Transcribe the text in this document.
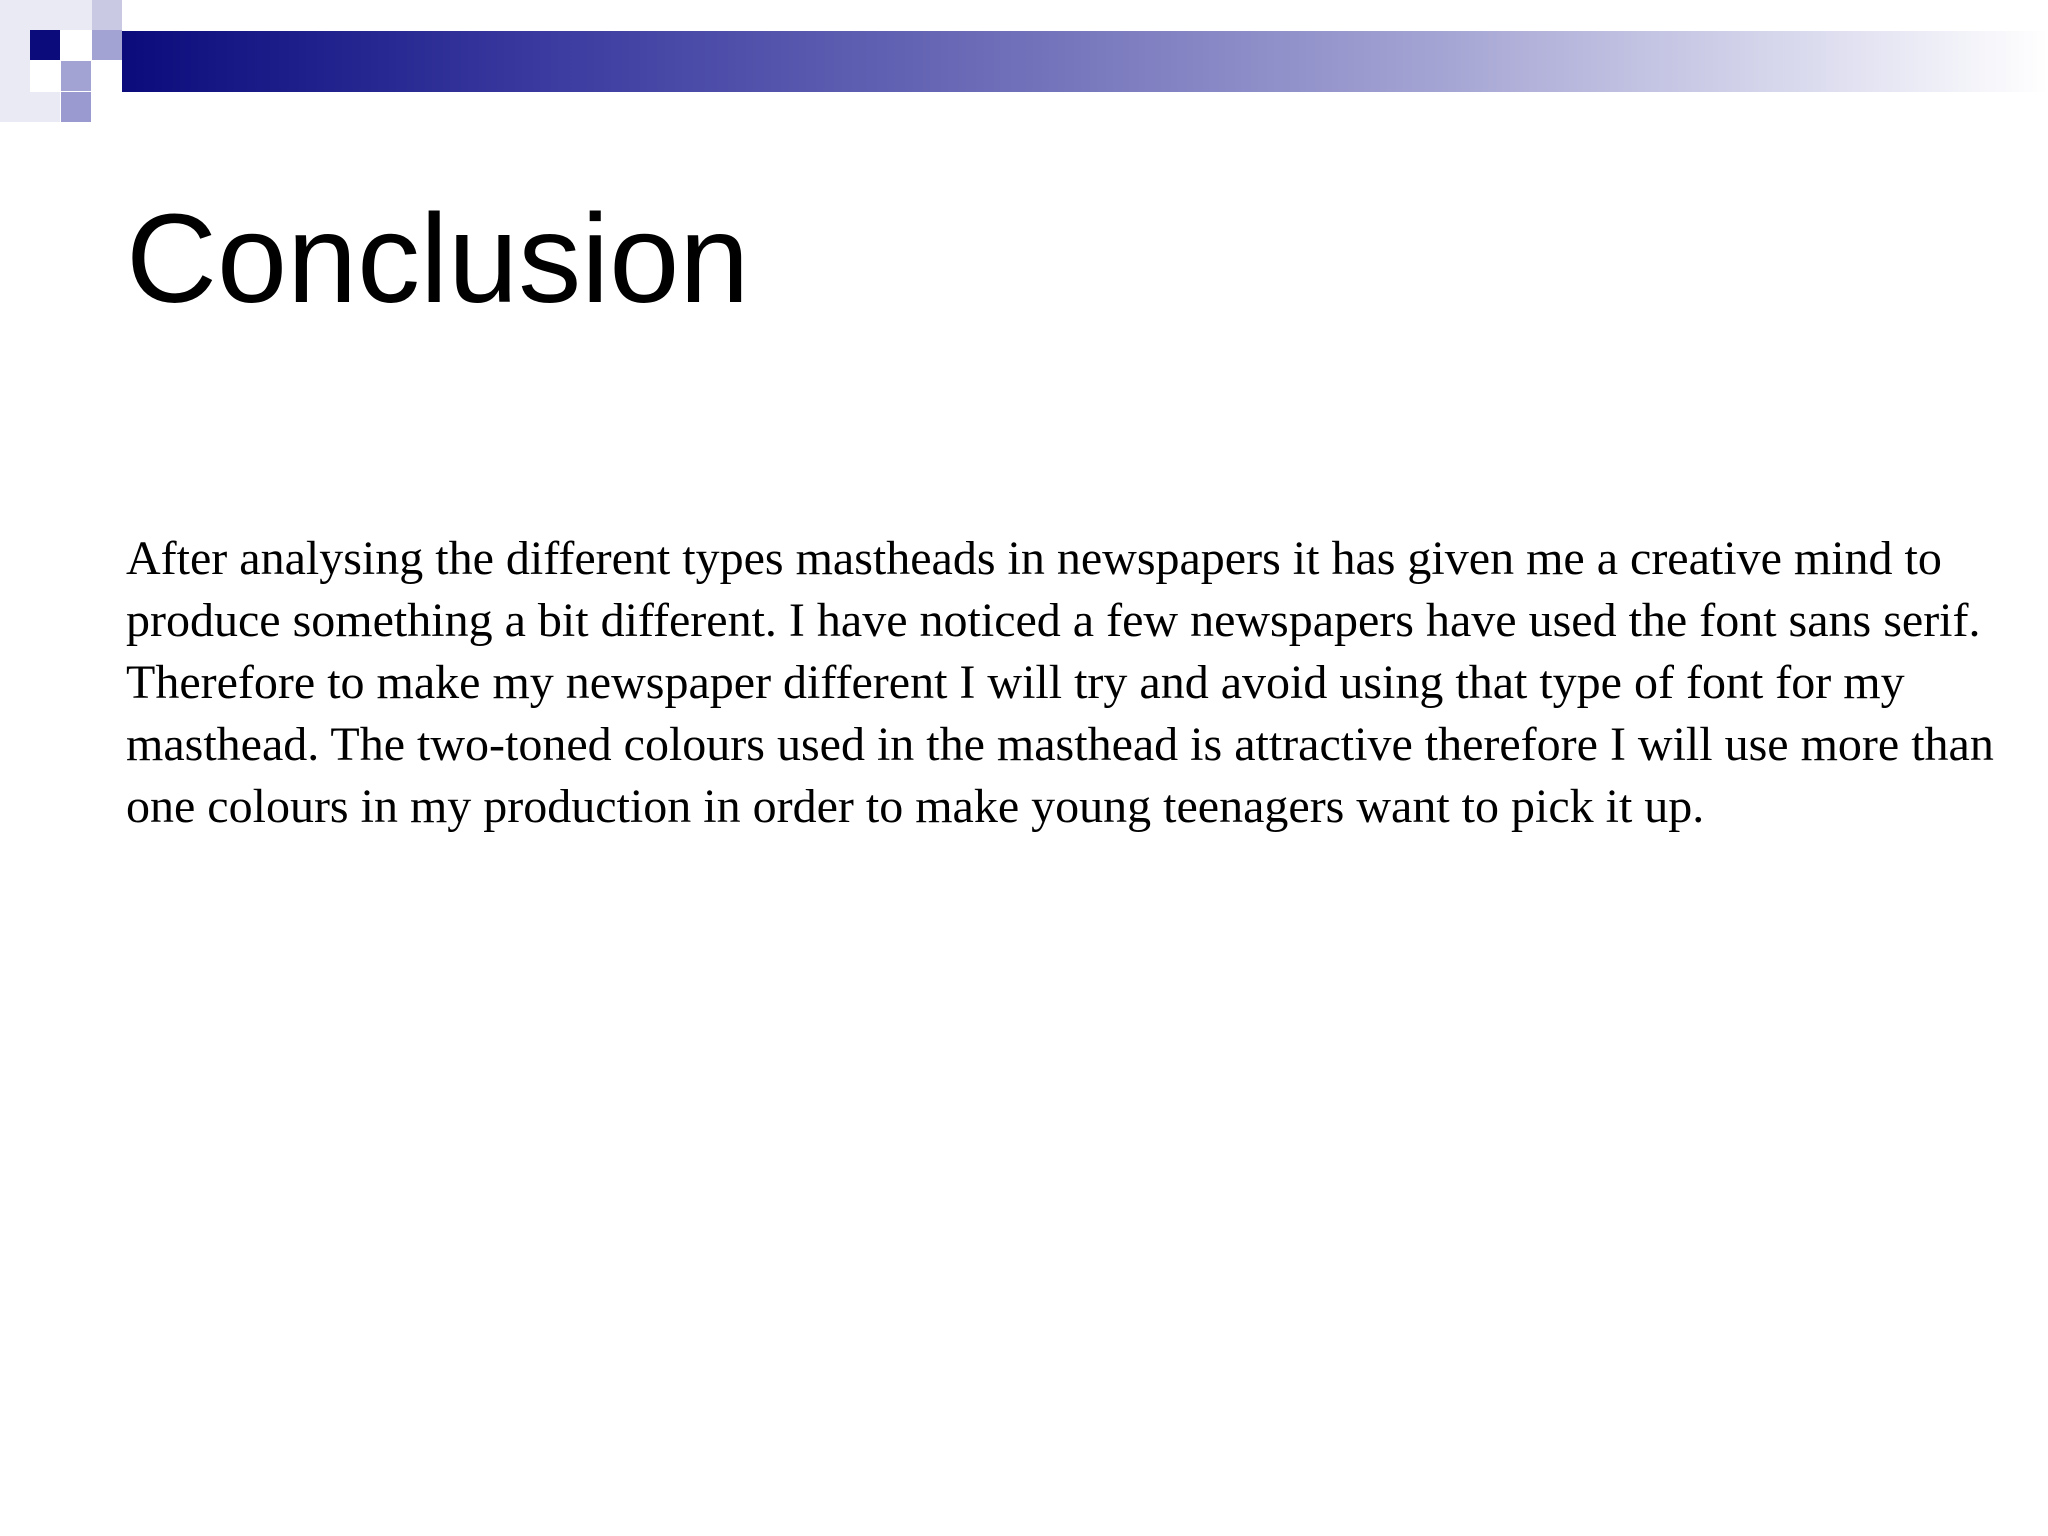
Conclusion

After analysing the different types mastheads in newspapers it has given me a creative mind to produce something a bit different. I have noticed a few newspapers have used the font sans serif. Therefore to make my newspaper different I will try and avoid using that type of font for my masthead. The two-toned colours used in the masthead is attractive therefore I will use more than one colours in my production in order to make young teenagers want to pick it up.
